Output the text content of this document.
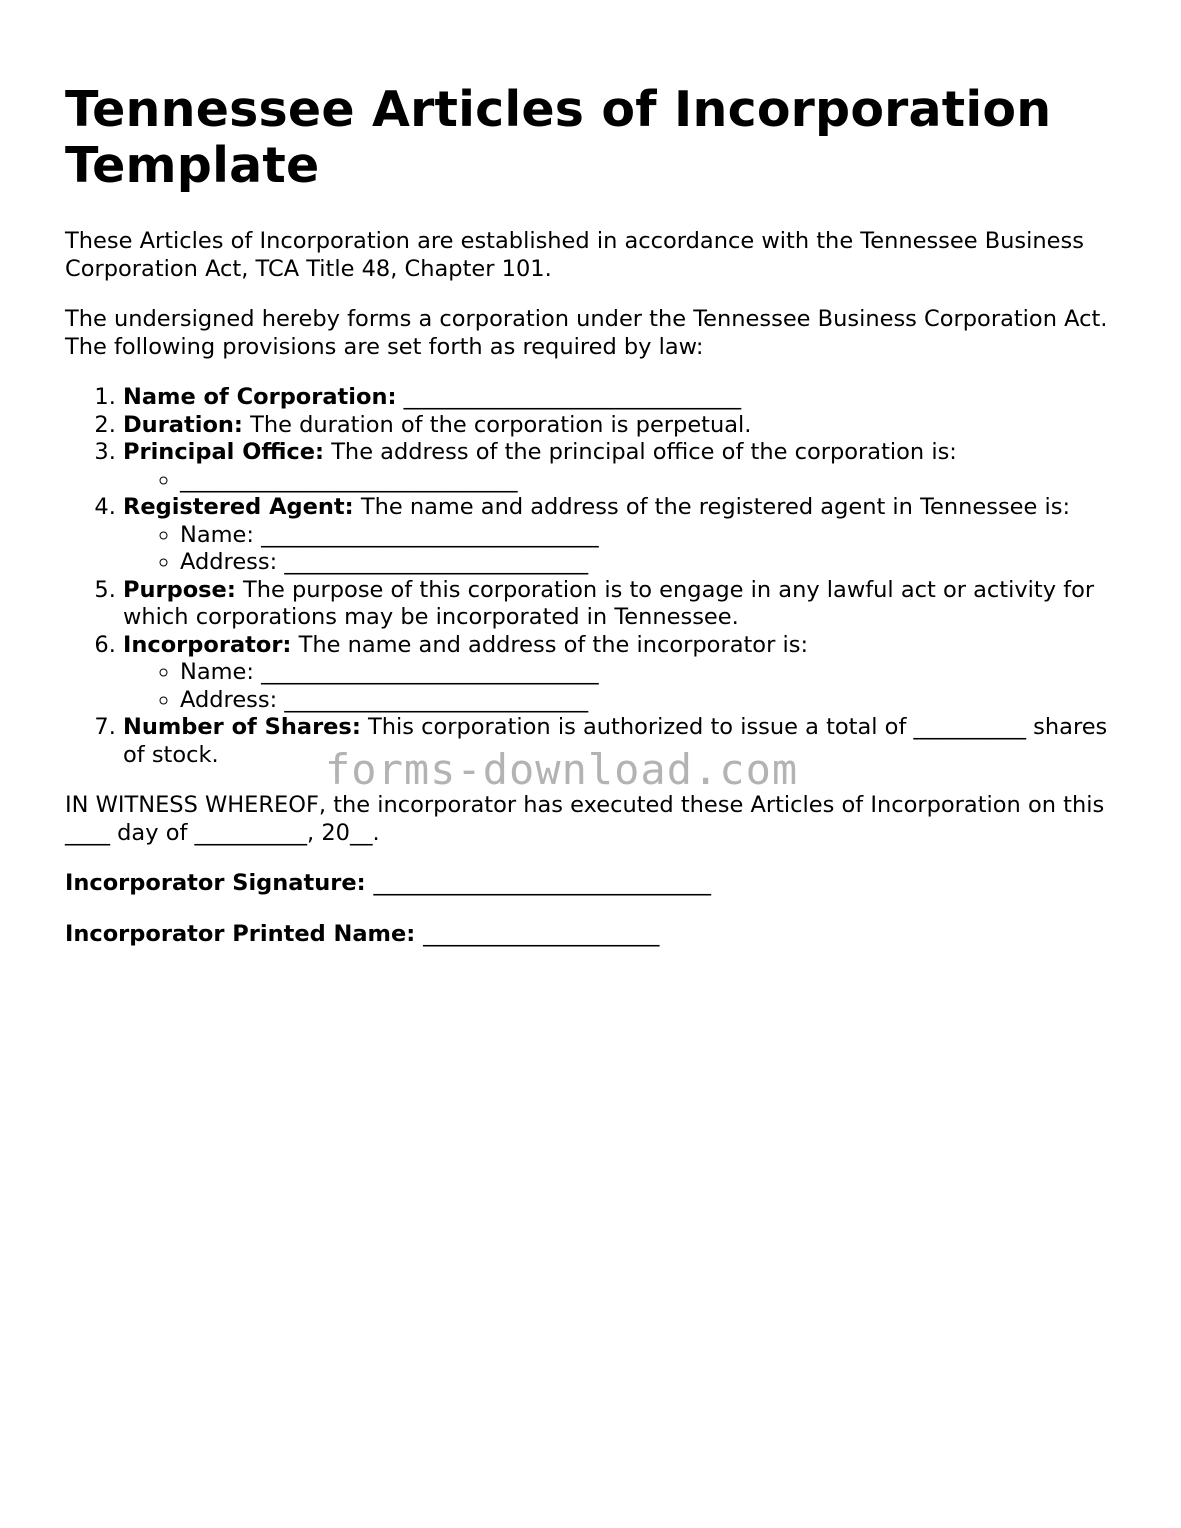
Tennessee Articles of Incorporation Template

These Articles of Incorporation are established in accordance with the Tennessee Business Corporation Act, TCA Title 48, Chapter 101.

The undersigned hereby forms a corporation under the Tennessee Business Corporation Act. The following provisions are set forth as required by law:

1. Name of Corporation: ______________________________
2. Duration: The duration of the corporation is perpetual.
3. Principal Office: The address of the principal office of the corporation is:
◦ ______________________________
4. Registered Agent: The name and address of the registered agent in Tennessee is:
◦ Name: ______________________________
◦ Address: ___________________________
5. Purpose: The purpose of this corporation is to engage in any lawful act or activity for which corporations may be incorporated in Tennessee.
6. Incorporator: The name and address of the incorporator is:
◦ Name: ______________________________
◦ Address: ___________________________
7. Number of Shares: This corporation is authorized to issue a total of __________ shares of stock.

IN WITNESS WHEREOF, the incorporator has executed these Articles of Incorporation on this ____ day of __________, 20__.

Incorporator Signature: ______________________________

Incorporator Printed Name: _____________________

forms-download.com
